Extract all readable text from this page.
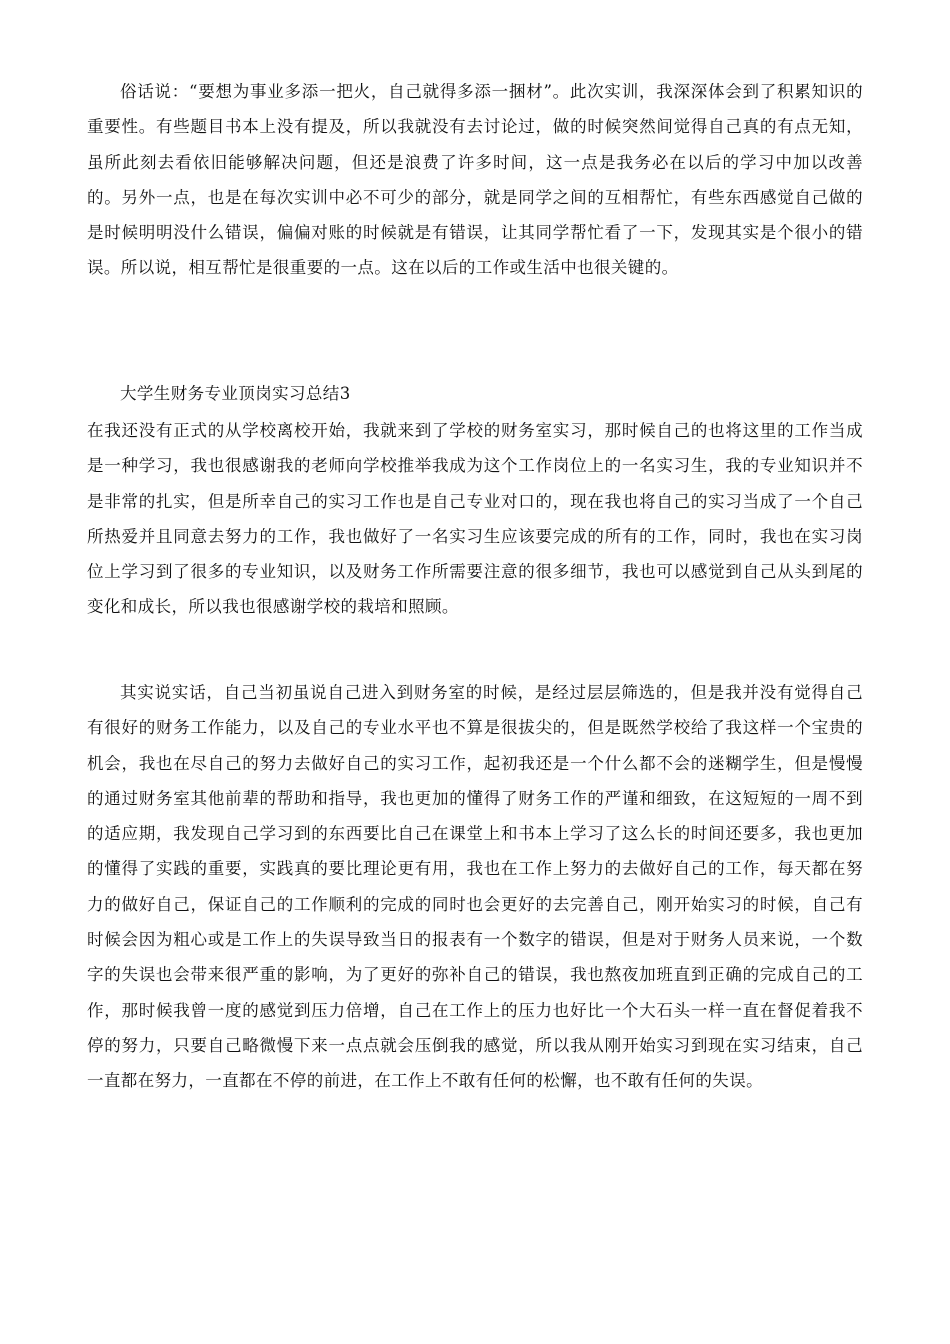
俗话说：“要想为事业多添一把火，自己就得多添一捆材”。此次实训，我深深体会到了积累知识的重要性。有些题目书本上没有提及，所以我就没有去讨论过，做的时候突然间觉得自己真的有点无知，虽所此刻去看依旧能够解决问题，但还是浪费了许多时间，这一点是我务必在以后的学习中加以改善的。另外一点，也是在每次实训中必不可少的部分，就是同学之间的互相帮忙，有些东西感觉自己做的是时候明明没什么错误，偏偏对账的时候就是有错误，让其同学帮忙看了一下，发现其实是个很小的错误。所以说，相互帮忙是很重要的一点。这在以后的工作或生活中也很关键的。

大学生财务专业顶岗实习总结3

在我还没有正式的从学校离校开始，我就来到了学校的财务室实习，那时候自己的也将这里的工作当成是一种学习，我也很感谢我的老师向学校推举我成为这个工作岗位上的一名实习生，我的专业知识并不是非常的扎实，但是所幸自己的实习工作也是自己专业对口的，现在我也将自己的实习当成了一个自己所热爱并且同意去努力的工作，我也做好了一名实习生应该要完成的所有的工作，同时，我也在实习岗位上学习到了很多的专业知识，以及财务工作所需要注意的很多细节，我也可以感觉到自己从头到尾的变化和成长，所以我也很感谢学校的栽培和照顾。

其实说实话，自己当初虽说自己进入到财务室的时候，是经过层层筛选的，但是我并没有觉得自己有很好的财务工作能力，以及自己的专业水平也不算是很拔尖的，但是既然学校给了我这样一个宝贵的机会，我也在尽自己的努力去做好自己的实习工作，起初我还是一个什么都不会的迷糊学生，但是慢慢的通过财务室其他前辈的帮助和指导，我也更加的懂得了财务工作的严谨和细致，在这短短的一周不到的适应期，我发现自己学习到的东西要比自己在课堂上和书本上学习了这么长的时间还要多，我也更加的懂得了实践的重要，实践真的要比理论更有用，我也在工作上努力的去做好自己的工作，每天都在努力的做好自己，保证自己的工作顺利的完成的同时也会更好的去完善自己，刚开始实习的时候，自己有时候会因为粗心或是工作上的失误导致当日的报表有一个数字的错误，但是对于财务人员来说，一个数字的失误也会带来很严重的影响，为了更好的弥补自己的错误，我也熬夜加班直到正确的完成自己的工作，那时候我曾一度的感觉到压力倍增，自己在工作上的压力也好比一个大石头一样一直在督促着我不停的努力，只要自己略微慢下来一点点就会压倒我的感觉，所以我从刚开始实习到现在实习结束，自己一直都在努力，一直都在不停的前进，在工作上不敢有任何的松懈，也不敢有任何的失误。
